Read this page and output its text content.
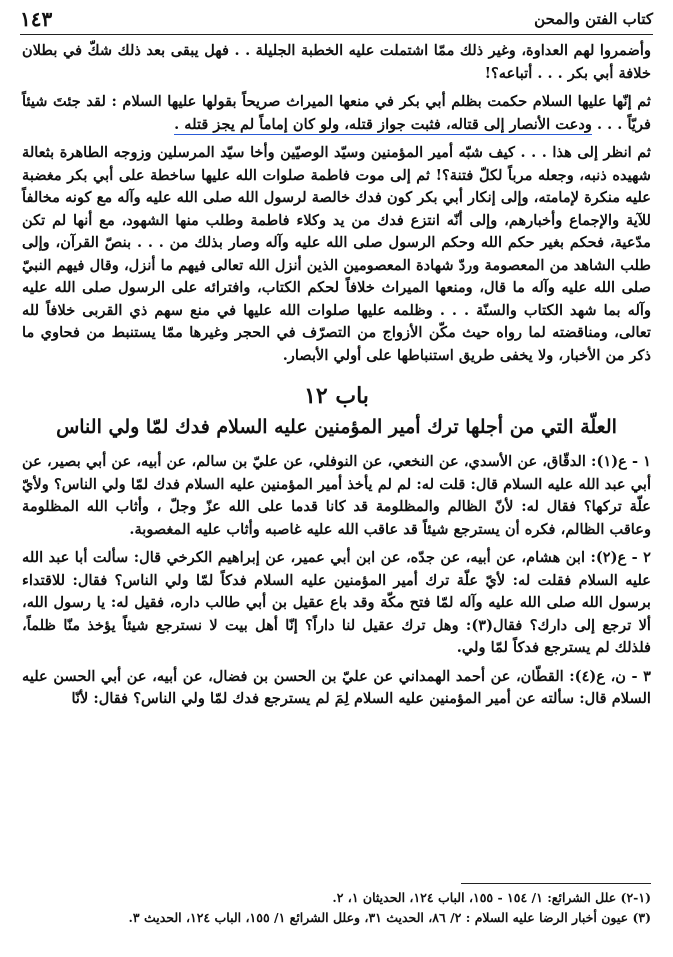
كتاب الفتن والمحن
١٤٣

وأضمروا لهم العداوة، وغير ذلك ممّا اشتملت عليه الخطبة الجليلة . . فهل يبقى بعد ذلك شكّ في بطلان خلافة أبي بكر . . . أتباعه؟!

ثم إنّها عليها السلام حكمت بظلم أبي بكر في منعها الميراث صريحاً بقولها عليها السلام : لقد جئتَ شيئاً فريّاً . . . ودعت الأنصار إلى قتاله، فثبت جواز قتله، ولو كان إماماً لم يجز قتله .

ثم انظر إلى هذا . . . كيف شبّه أمير المؤمنين وسيّد الوصيّين وأخا سيّد المرسلين وزوجه الطاهرة بثعالة شهيده ذنبه، وجعله مرباً لكلّ فتنة؟! ثم إلى موت فاطمة صلوات الله عليها ساخطة على أبي بكر مغضبة عليه منكرة لإمامته، وإلى إنكار أبي بكر كون فدك خالصة لرسول الله صلى الله عليه وآله مع كونه مخالفاً للآية والإجماع وأخبارهم، وإلى أنّه انتزع فدك من يد وكلاء فاطمة وطلب منها الشهود، مع أنها لم تكن مدّعية، فحكم بغير حكم الله وحكم الرسول صلى الله عليه وآله وصار بذلك من . . . بنصّ القرآن، وإلى طلب الشاهد من المعصومة وردّ شهادة المعصومين الذين أنزل الله تعالى فيهم ما أنزل، وقال فيهم النبيّ صلى الله عليه وآله ما قال، ومنعها الميراث خلافاً لحكم الكتاب، وافترائه على الرسول صلى الله عليه وآله بما شهد الكتاب والسنّة . . . وظلمه عليها صلوات الله عليها في منع سهم ذي القربى خلافاً لله تعالى، ومناقضته لما رواه حيث مكّن الأزواج من التصرّف في الحجر وغيرها ممّا يستنبط من فحاوي ما ذكر من الأخبار، ولا يخفى طريق استنباطها على أولي الأبصار.

باب ١٢
العلّة التي من أجلها ترك أمير المؤمنين عليه السلام فدك لمّا ولي الناس

١ - ع(١): الدقّاق، عن الأسدي، عن النخعي، عن النوفلي، عن عليّ بن سالم، عن أبيه، عن أبي بصير، عن أبي عبد الله عليه السلام قال: قلت له: لم لم يأخذ أمير المؤمنين عليه السلام فدك لمّا ولي الناس؟ ولأيّ علّة تركها؟ فقال له: لأنّ الظالم والمظلومة قد كانا قدما على الله عزّ وجلّ ، وأثاب الله المظلومة وعاقب الظالم، فكره أن يسترجع شيئاً قد عاقب الله عليه غاصبه وأثاب عليه المغصوبة.

٢ - ع(٢): ابن هشام، عن أبيه، عن جدّه، عن ابن أبي عمير، عن إبراهيم الكرخي قال: سألت أبا عبد الله عليه السلام فقلت له: لأيّ علّة ترك أمير المؤمنين عليه السلام فدكاً لمّا ولي الناس؟ فقال: للاقتداء برسول الله صلى الله عليه وآله لمّا فتح مكّة وقد باع عقيل بن أبي طالب داره، فقيل له: يا رسول الله، ألا ترجع إلى دارك؟ فقال(٣): وهل ترك عقيل لنا داراً؟ إنّا أهل بيت لا نسترجع شيئاً يؤخذ منّا ظلماً، فلذلك لم يسترجع فدكاً لمّا ولي.

٣ - ن، ع(٤): القطّان، عن أحمد الهمداني عن عليّ بن الحسن بن فضال، عن أبيه، عن أبي الحسن عليه السلام قال: سألته عن أمير المؤمنين عليه السلام لِمَ لم يسترجع فدك لمّا ولي الناس؟ فقال: لأنّا

(١-٢) علل الشرائع: ١/ ١٥٤ - ١٥٥، الباب ١٢٤، الحديثان ١، ٢.
(٣) عيون أخبار الرضا عليه السلام : ٢/ ٨٦، الحديث ٣١، وعلل الشرائع ١/ ١٥٥، الباب ١٢٤، الحديث ٣.
